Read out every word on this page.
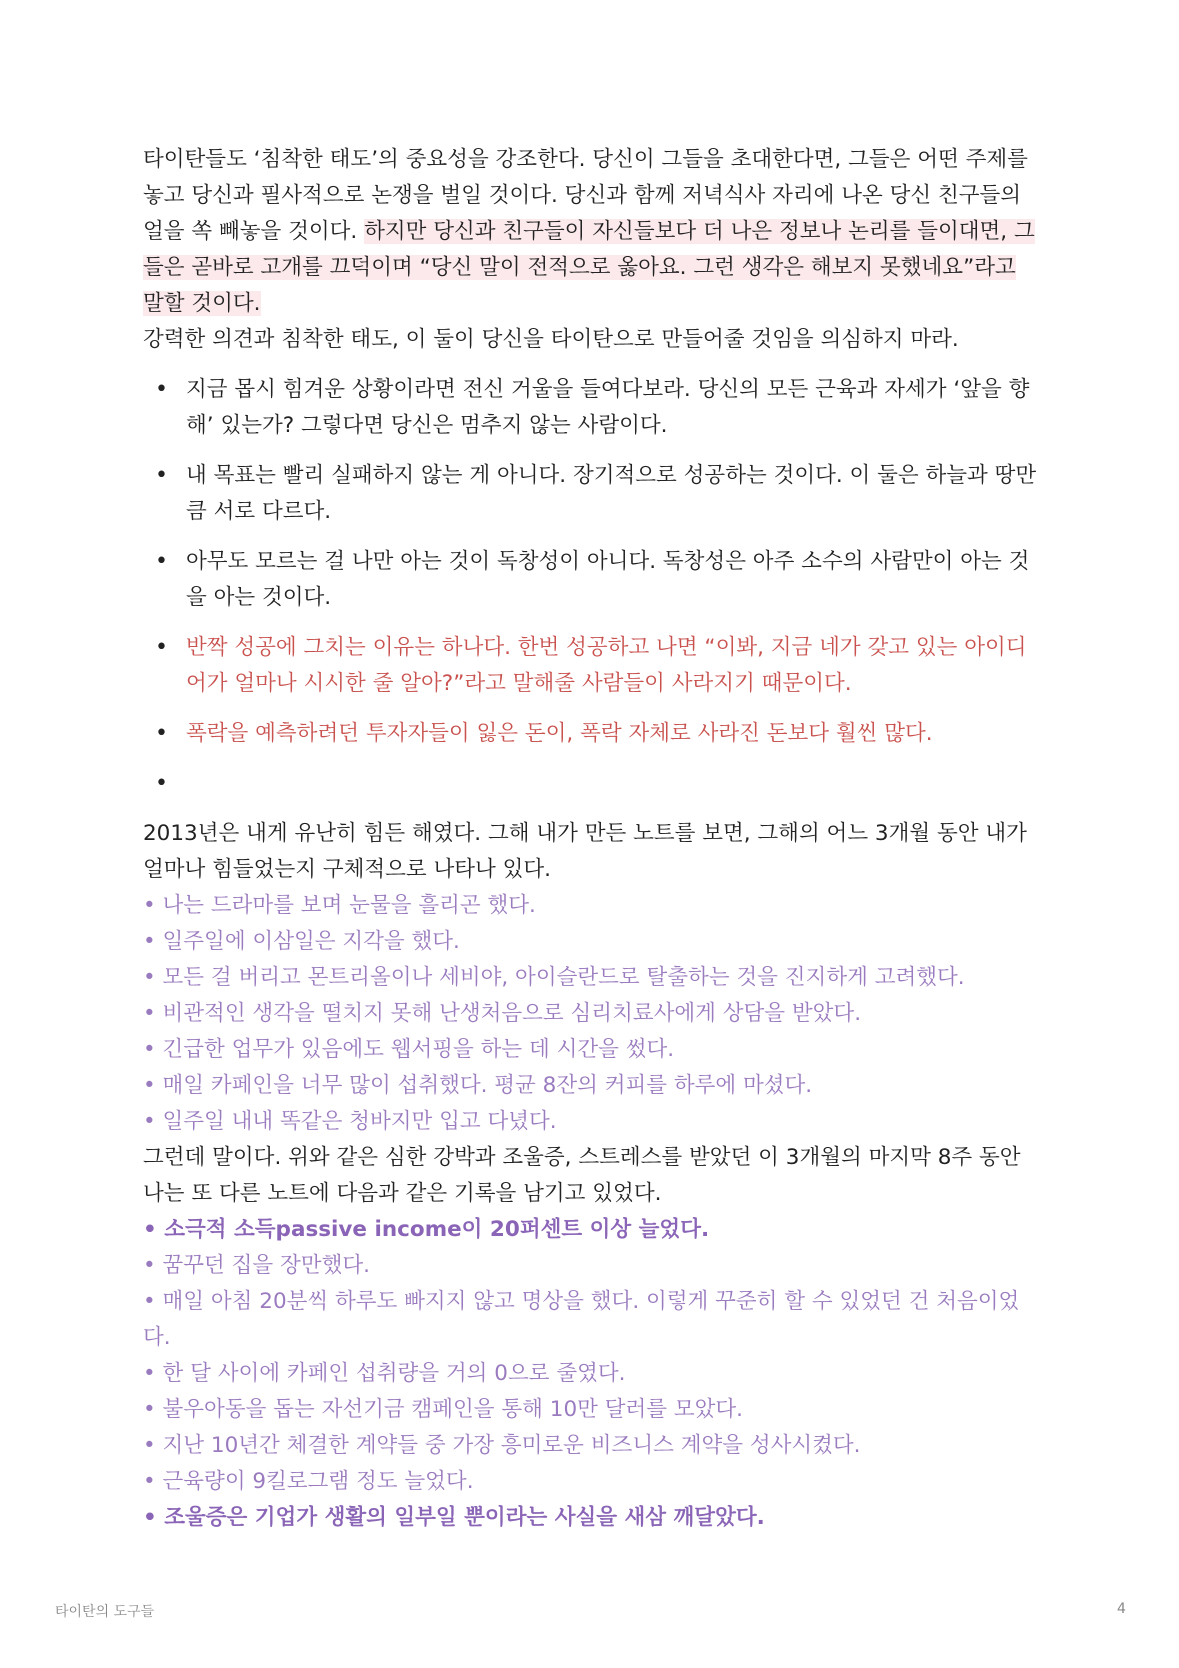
타이탄들도 ‘침착한 태도’의 중요성을 강조한다. 당신이 그들을 초대한다면, 그들은 어떤 주제를 놓고 당신과 필사적으로 논쟁을 벌일 것이다. 당신과 함께 저녁식사 자리에 나온 당신 친구들의 얼을 쏙 빼놓을 것이다. 하지만 당신과 친구들이 자신들보다 더 나은 정보나 논리를 들이대면, 그들은 곧바로 고개를 끄덕이며 “당신 말이 전적으로 옳아요. 그런 생각은 해보지 못했네요”라고 말할 것이다.

강력한 의견과 침착한 태도, 이 둘이 당신을 타이탄으로 만들어줄 것임을 의심하지 마라.

• 지금 몹시 힘겨운 상황이라면 전신 거울을 들여다보라. 당신의 모든 근육과 자세가 ‘앞을 향해’ 있는가? 그렇다면 당신은 멈추지 않는 사람이다.
• 내 목표는 빨리 실패하지 않는 게 아니다. 장기적으로 성공하는 것이다. 이 둘은 하늘과 땅만큼 서로 다르다.
• 아무도 모르는 걸 나만 아는 것이 독창성이 아니다. 독창성은 아주 소수의 사람만이 아는 것을 아는 것이다.
• 반짝 성공에 그치는 이유는 하나다. 한번 성공하고 나면 “이봐, 지금 네가 갖고 있는 아이디어가 얼마나 시시한 줄 알아?”라고 말해줄 사람들이 사라지기 때문이다.
• 폭락을 예측하려던 투자자들이 잃은 돈이, 폭락 자체로 사라진 돈보다 훨씬 많다.
•

2013년은 내게 유난히 힘든 해였다. 그해 내가 만든 노트를 보면, 그해의 어느 3개월 동안 내가 얼마나 힘들었는지 구체적으로 나타나 있다.

• 나는 드라마를 보며 눈물을 흘리곤 했다.
• 일주일에 이삼일은 지각을 했다.
• 모든 걸 버리고 몬트리올이나 세비야, 아이슬란드로 탈출하는 것을 진지하게 고려했다.
• 비관적인 생각을 떨치지 못해 난생처음으로 심리치료사에게 상담을 받았다.
• 긴급한 업무가 있음에도 웹서핑을 하는 데 시간을 썼다.
• 매일 카페인을 너무 많이 섭취했다. 평균 8잔의 커피를 하루에 마셨다.
• 일주일 내내 똑같은 청바지만 입고 다녔다.

그런데 말이다. 위와 같은 심한 강박과 조울증, 스트레스를 받았던 이 3개월의 마지막 8주 동안 나는 또 다른 노트에 다음과 같은 기록을 남기고 있었다.

• 소극적 소득passive income이 20퍼센트 이상 늘었다.
• 꿈꾸던 집을 장만했다.
• 매일 아침 20분씩 하루도 빠지지 않고 명상을 했다. 이렇게 꾸준히 할 수 있었던 건 처음이었다.
• 한 달 사이에 카페인 섭취량을 거의 0으로 줄였다.
• 불우아동을 돕는 자선기금 캠페인을 통해 10만 달러를 모았다.
• 지난 10년간 체결한 계약들 중 가장 흥미로운 비즈니스 계약을 성사시켰다.
• 근육량이 9킬로그램 정도 늘었다.
• 조울증은 기업가 생활의 일부일 뿐이라는 사실을 새삼 깨달았다.
타이탄의 도구들	4
